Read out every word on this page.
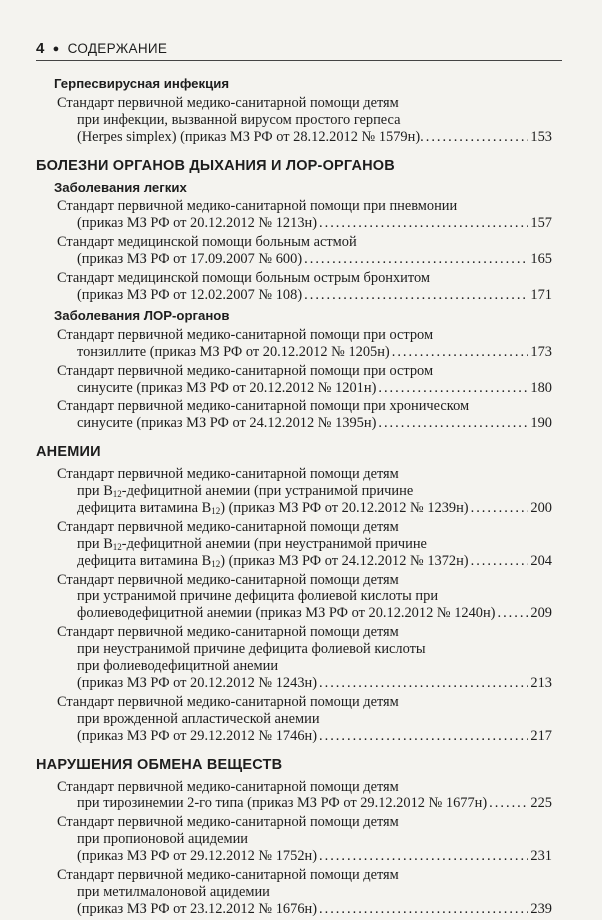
4 ● СОДЕРЖАНИЕ
Герпесвирусная инфекция
Стандарт первичной медико-санитарной помощи детям
при инфекции, вызванной вирусом простого герпеса
(Herpes simplex) (приказ МЗ РФ от 28.12.2012 № 1579н). .....	153
БОЛЕЗНИ ОРГАНОВ ДЫХАНИЯ И ЛОР-ОРГАНОВ
Заболевания легких
Стандарт первичной медико-санитарной помощи при пневмонии
(приказ МЗ РФ от 20.12.2012 № 1213н) .....	157
Стандарт медицинской помощи больным астмой
(приказ МЗ РФ от 17.09.2007 № 600) .....	165
Стандарт медицинской помощи больным острым бронхитом
(приказ МЗ РФ от 12.02.2007 № 108) .....	171
Заболевания ЛОР-органов
Стандарт первичной медико-санитарной помощи при остром
тонзиллите (приказ МЗ РФ от 20.12.2012 № 1205н) .....	173
Стандарт первичной медико-санитарной помощи при остром
синусите (приказ МЗ РФ от 20.12.2012 № 1201н) .....	180
Стандарт первичной медико-санитарной помощи при хроническом
синусите (приказ МЗ РФ от 24.12.2012 № 1395н) .....	190
АНЕМИИ
Стандарт первичной медико-санитарной помощи детям
при $B_{12}$-дефицитной анемии (при устранимой причине
дефицита витамина $B_{12}$) (приказ МЗ РФ от 20.12.2012 № 1239н) .....	200
Стандарт первичной медико-санитарной помощи детям
при $B_{12}$-дефицитной анемии (при неустранимой причине
дефицита витамина $B_{12}$) (приказ МЗ РФ от 24.12.2012 № 1372н) .....	204
Стандарт первичной медико-санитарной помощи детям
при устранимой причине дефицита фолиевой кислоты при
фолиеводефицитной анемии (приказ МЗ РФ от 20.12.2012 № 1240н) ..... 209
Стандарт первичной медико-санитарной помощи детям
при неустранимой причине дефицита фолиевой кислоты
при фолиеводефицитной анемии
(приказ МЗ РФ от 20.12.2012 № 1243н) .....	213
Стандарт первичной медико-санитарной помощи детям
при врожденной апластической анемии
(приказ МЗ РФ от 29.12.2012 № 1746н) .....	217
НАРУШЕНИЯ ОБМЕНА ВЕЩЕСТВ
Стандарт первичной медико-санитарной помощи детям
при тирозинемии 2-го типа (приказ МЗ РФ от 29.12.2012 № 1677н) .....	225
Стандарт первичной медико-санитарной помощи детям
при пропионовой ацидемии
(приказ МЗ РФ от 29.12.2012 № 1752н) .....	231
Стандарт первичной медико-санитарной помощи детям
при метилмалоновой ацидемии
(приказ МЗ РФ от 23.12.2012 № 1676н) .....	239
